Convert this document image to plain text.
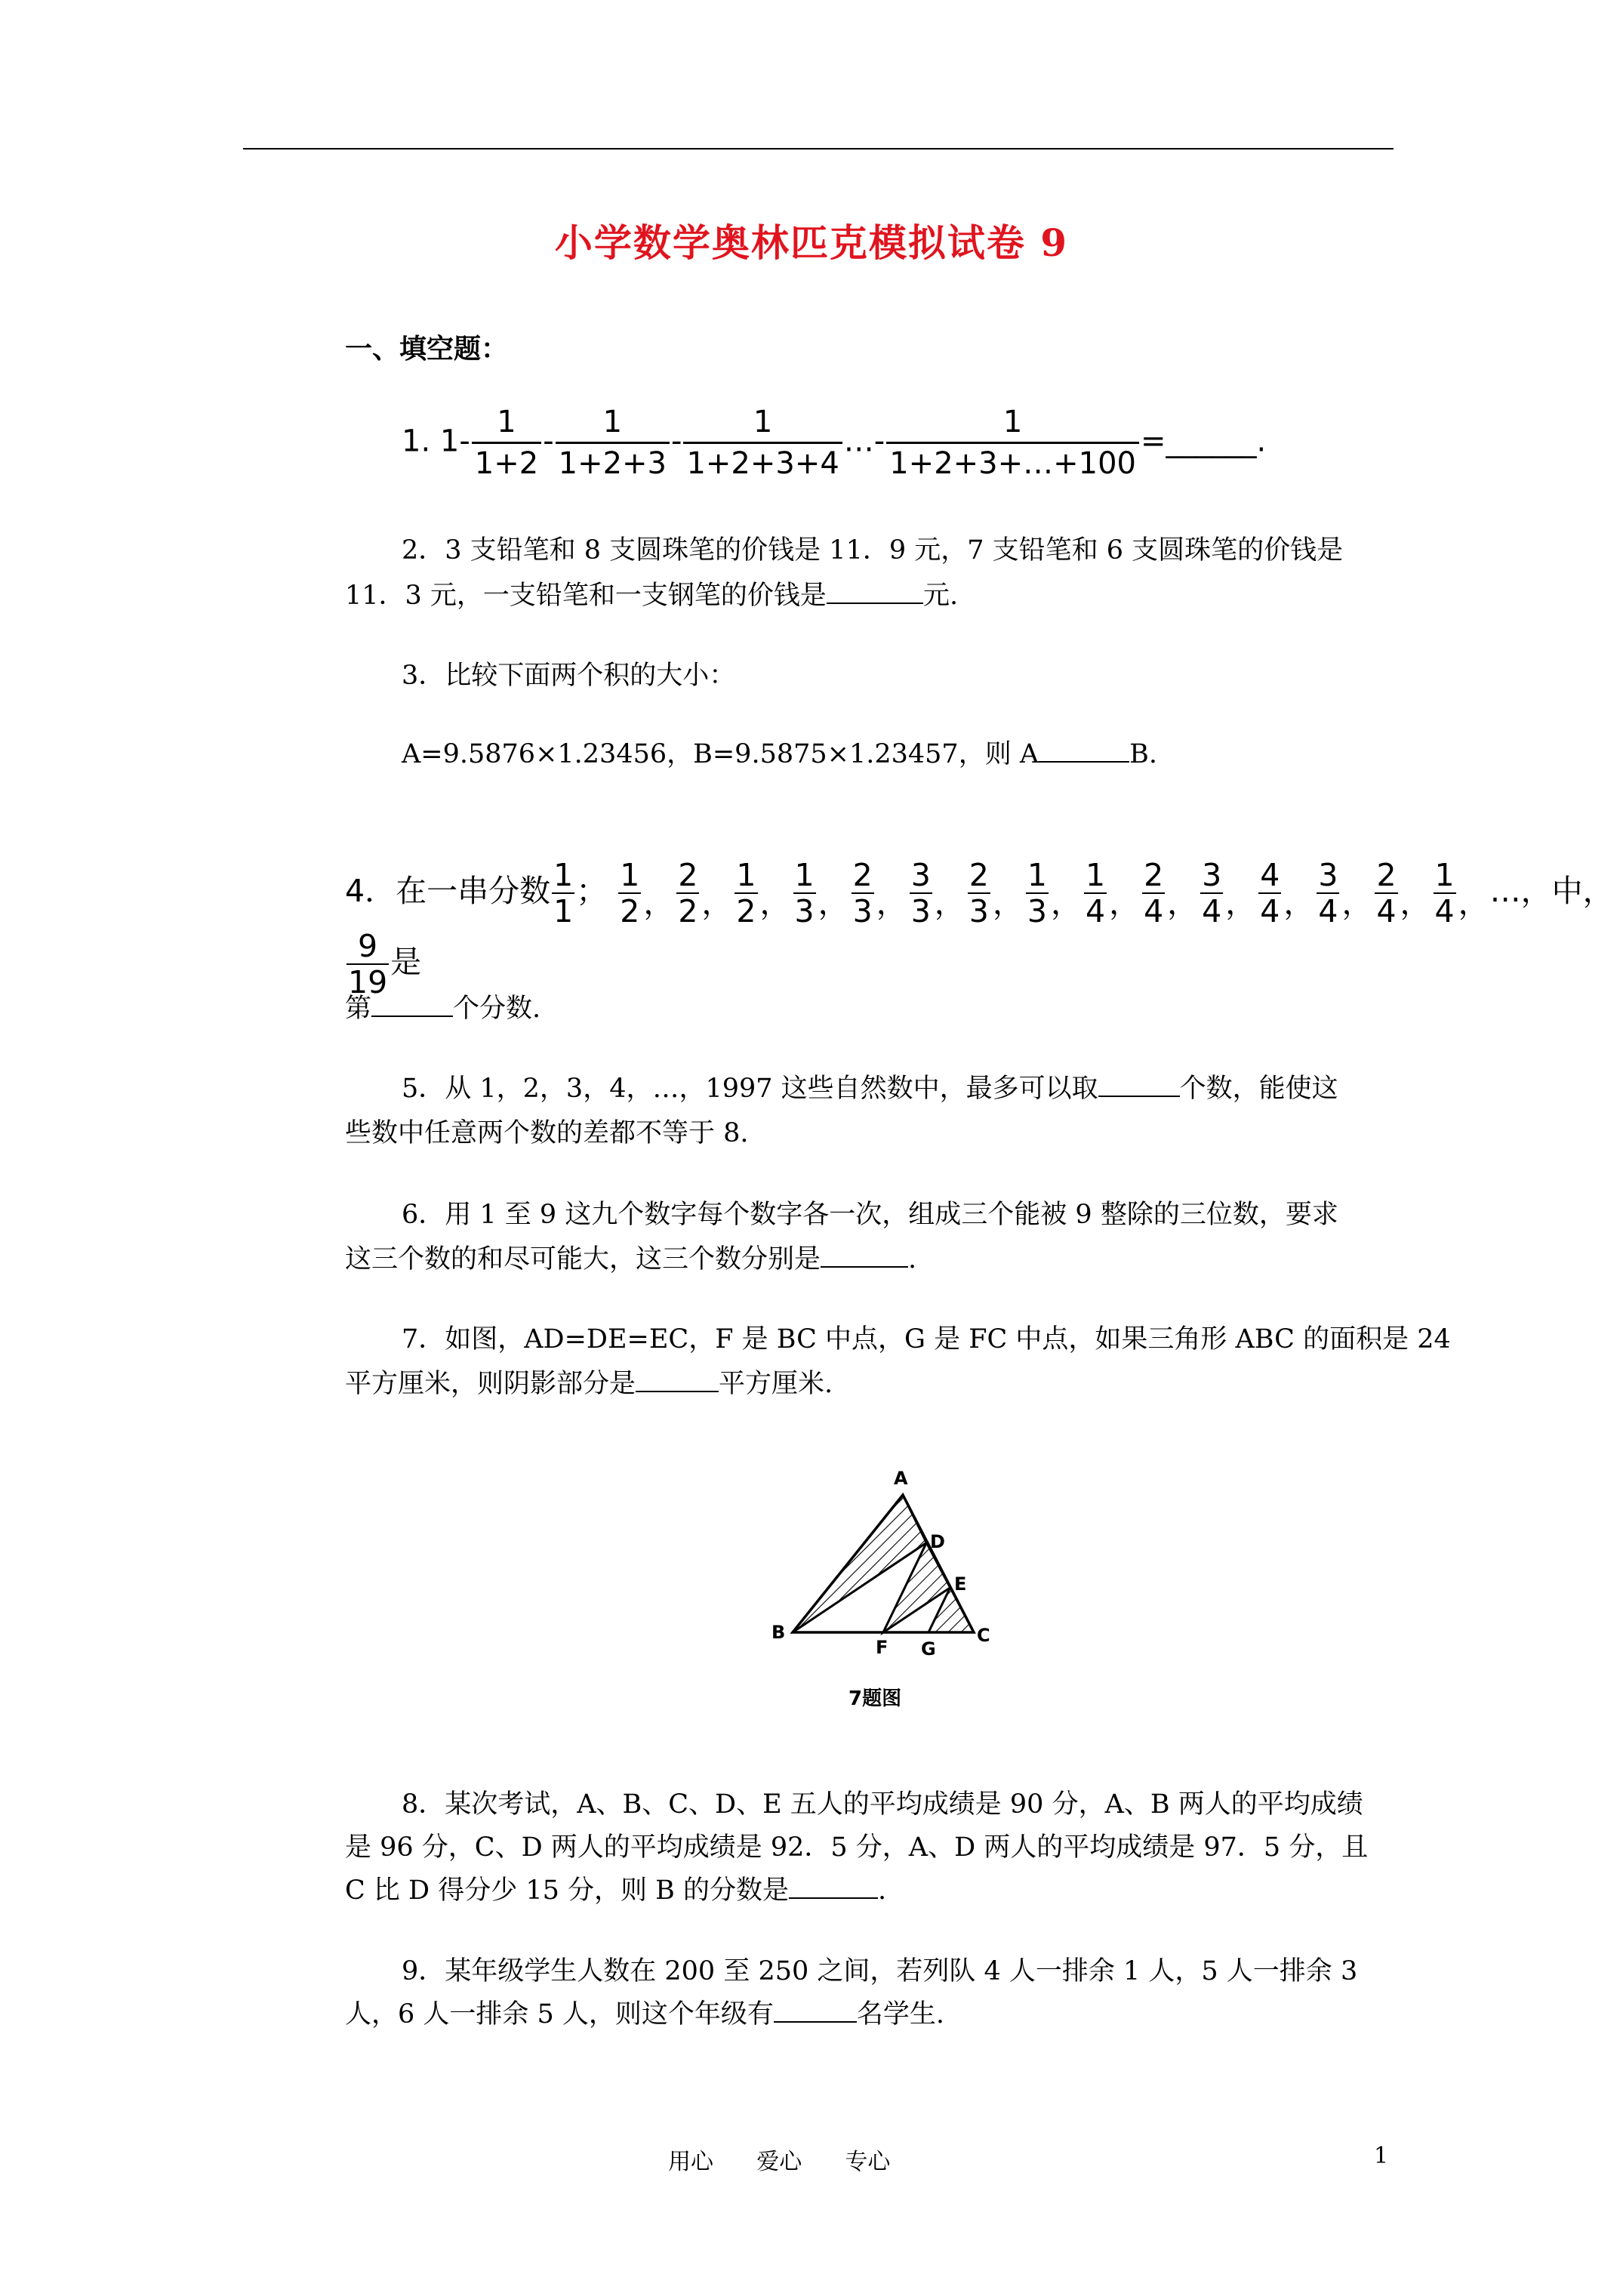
小学数学奥林匹克模拟试卷 9
一、填空题：
1. $1- \frac{1}{1+2} - \frac{1}{1+2+3} - \frac{1}{1+2+3+4}$ …- $\frac{1}{1+2+3+\dots+100}$ =______.
2．3 支铅笔和 8 支圆珠笔的价钱是 11．9 元，7 支铅笔和 6 支圆珠笔的价钱是
11．3 元，一支铅笔和一支钢笔的价钱是	元.
3．比较下面两个积的大小：
A=9.5876×1.23456，B=9.5875×1.23457，则 A	B.
4．在一串分数 $\frac{1}{1}$ ； $\frac{1}{2}$ ， $\frac{2}{2}$ ， $\frac{1}{2}$ ， $\frac{1}{3}$ ， $\frac{2}{3}$ ， $\frac{3}{3}$ ， $\frac{2}{3}$ ， $\frac{1}{3}$ ， $\frac{1}{4}$ ， $\frac{2}{4}$ ， $\frac{3}{4}$ ， $\frac{4}{4}$ ， $\frac{3}{4}$ ， $\frac{2}{4}$ ， $\frac{1}{4}$ ，…，中，
$\frac{9}{19}$ 是
第	个分数.
5．从 1，2，3，4，…，1997 这些自然数中，最多可以取	个数，能使这
些数中任意两个数的差都不等于 8.
6．用 1 至 9 这九个数字每个数字各一次，组成三个能被 9 整除的三位数，要求
这三个数的和尽可能大，这三个数分别是	.
7．如图，AD=DE=EC，F 是 BC 中点，G 是 FC 中点，如果三角形 ABC 的面积是 24
平方厘米，则阴影部分是	平方厘米.
A
B	C
D
E
F G
7题图
8．某次考试，A、B、C、D、E 五人的平均成绩是 90 分，A、B 两人的平均成绩
是 96 分，C、D 两人的平均成绩是 92．5 分，A、D 两人的平均成绩是 97．5 分，且
C 比 D 得分少 15 分，则 B 的分数是	.
9．某年级学生人数在 200 至 250 之间，若列队 4 人一排余 1 人，5 人一排余 3
人，6 人一排余 5 人，则这个年级有	名学生.
用心      爱心      专心	1
